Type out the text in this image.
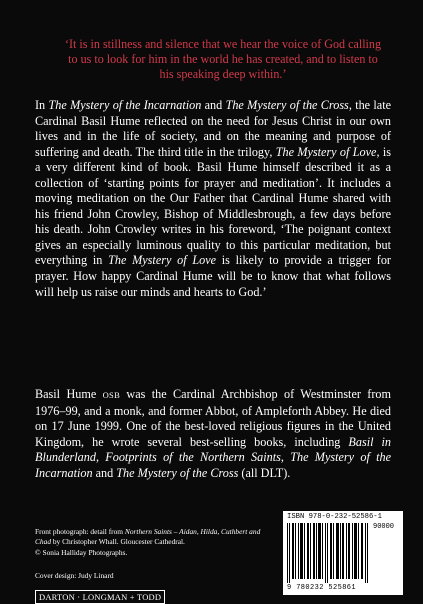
‘It is in stillness and silence that we hear the voice of God calling to us to look for him in the world he has created, and to listen to his speaking deep within.’
In The Mystery of the Incarnation and The Mystery of the Cross, the late Cardinal Basil Hume reflected on the need for Jesus Christ in our own lives and in the life of society, and on the meaning and purpose of suffering and death. The third title in the trilogy, The Mystery of Love, is a very different kind of book. Basil Hume himself described it as a collection of ‘starting points for prayer and meditation’. It includes a moving meditation on the Our Father that Cardinal Hume shared with his friend John Crowley, Bishop of Middlesbrough, a few days before his death. John Crowley writes in his foreword, ‘The poignant context gives an especially luminous quality to this particular meditation, but everything in The Mystery of Love is likely to provide a trigger for prayer. How happy Cardinal Hume will be to know that what follows will help us raise our minds and hearts to God.’
Basil Hume OSB was the Cardinal Archbishop of Westminster from 1976–99, and a monk, and former Abbot, of Ampleforth Abbey. He died on 17 June 1999. One of the best-loved religious figures in the United Kingdom, he wrote several best-selling books, including Basil in Blunderland, Footprints of the Northern Saints, The Mystery of the Incarnation and The Mystery of the Cross (all DLT).
Front photograph: detail from Northern Saints – Aidan, Hilda, Cuthbert and Chad by Christopher Whall. Gloucester Cathedral.
© Sonia Halliday Photographs.
Cover design: Judy Linard
DARTON · LONGMAN + TODD
ISBN 978-0-232-52586-1
90000
9 780232 525861
